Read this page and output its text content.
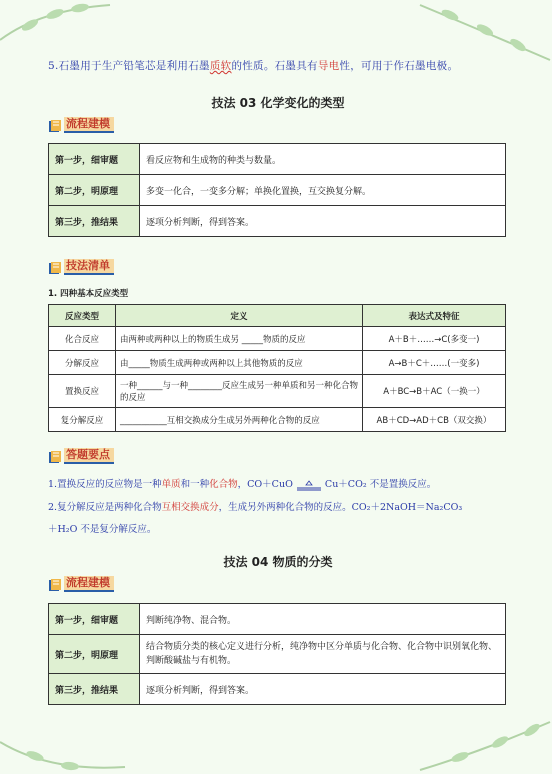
5.石墨用于生产铅笔芯是利用石墨质软的性质。石墨具有导电性，可用于作石墨电极。
技法 03 化学变化的类型
流程建模
第一步，细审题	看反应物和生成物的种类与数量。
第二步，明原理	多变一化合，一变多分解；单换化置换，互交换复分解。
第三步，推结果	逐项分析判断，得到答案。
技法清单
1. 四种基本反应类型
反应类型	定义	表达式及特征
化合反应	由两种或两种以上的物质生成另 _____物质的反应	A＋B＋……→C(多变一)
分解反应	由_____物质生成两种或两种以上其他物质的反应	A→B＋C＋……(一变多)
置换反应	一种______与一种________反应生成另一种单质和另一种化合物的反应	A＋BC→B＋AC（一换一）
复分解反应	___________互相交换成分生成另外两种化合物的反应	AB＋CD→AD＋CB（双交换）
答题要点
1.置换反应的反应物是一种单质和一种化合物，CO＋CuO	Cu＋CO₂ 不是置换反应。
2.复分解反应是两种化合物互相交换成分，生成另外两种化合物的反应。CO₂＋2NaOH＝Na₂CO₃
＋H₂O 不是复分解反应。
技法 04 物质的分类
流程建模
第一步，细审题	判断纯净物、混合物。
第二步，明原理	结合物质分类的核心定义进行分析，纯净物中区分单质与化合物、化合物中识别氧化物、判断酸碱盐与有机物。
第三步，推结果	逐项分析判断，得到答案。
